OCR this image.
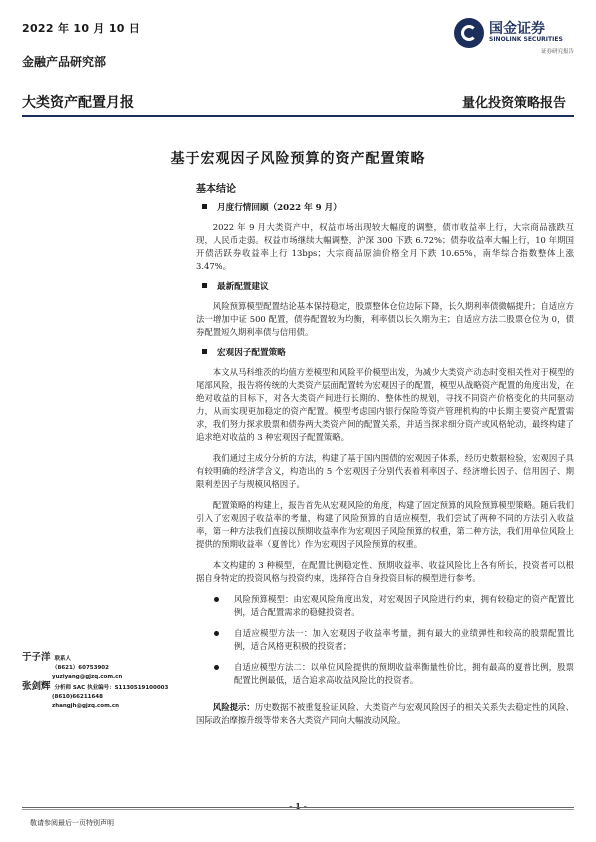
2022 年 10 月 10 日	国金证券
SINOLINK SECURITIES
证券研究报告
金融产品研究部
大类资产配置月报	量化投资策略报告
基于宏观因子风险预算的资产配置策略

基本结论

月度行情回顾（2022 年 9 月）

2022 年 9 月大类资产中，权益市场出现较大幅度的调整，债市收益率上行，大宗商品涨跌互现，人民币走弱。权益市场继续大幅调整，沪深 300 下跌 6.72%；债券收益率大幅上行，10 年期国开债活跃券收益率上行 13bps；大宗商品原油价格全月下跌 10.65%，南华综合指数整体上涨 3.47%。

最新配置建议

风险预算模型配置结论基本保持稳定，股票整体仓位边际下降，长久期利率债微幅提升；自适应方法一增加中证 500 配置，债券配置较为均衡，利率债以长久期为主；自适应方法二股票仓位为 0，债券配置短久期利率债与信用债。

宏观因子配置策略

本文从马科维茨的均值方差模型和风险平价模型出发，为减少大类资产动态时变相关性对于模型的尾部风险，报告将传统的大类资产层面配置转为宏观因子的配置，模型从战略资产配置的角度出发，在绝对收益的目标下，对各大类资产间进行长期的、整体性的规划，寻找不同资产价格变化的共同驱动力，从而实现更加稳定的资产配置。模型考虑国内银行保险等资产管理机构的中长期主要资产配置需求，我们努力探求股票和债券两大类资产间的配置关系，并适当探求细分资产或风格轮动，最终构建了追求绝对收益的 3 种宏观因子配置策略。

我们通过主成分分析的方法，构建了基于国内围债的宏观因子体系，经历史数据检验，宏观因子具有较明确的经济学含义，构造出的 5 个宏观因子分别代表着利率因子、经济增长因子、信用因子、期限利差因子与规模风格因子。

配置策略的构建上，报告首先从宏观风险的角度，构建了固定预算的风险预算模型策略。随后我们引入了宏观因子收益率的考量，构建了风险预算的自适应模型，我们尝试了两种不同的方法引入收益率，第一种方法我们直接以预期收益率作为宏观因子风险预算的权重，第二种方法，我们用单位风险上提供的预期收益率（夏普比）作为宏观因子风险预算的权重。

本文构建的 3 种模型，在配置比例稳定性、预期收益率、收益风险比上各有所长，投资者可以根据自身特定的投资风格与投资约束，选择符合自身投资目标的模型进行参考。

风险预算模型：由宏观风险角度出发，对宏观因子风险进行约束，拥有较稳定的资产配置比例，适合配置需求的稳健投资者。
自适应模型方法一：加入宏观因子收益率考量，拥有最大的业绩弹性和较高的股票配置比例，适合风格更积极的投资者；
自适应模型方法二：以单位风险提供的预期收益率衡量性价比，拥有最高的夏普比例，股票配置比例最低，适合追求高收益风险比的投资者。

风险提示：历史数据不被重复验证风险、大类资产与宏观风险因子的相关关系失去稳定性的风险、国际政治摩擦升级等带来各大类资产同向大幅波动风险。

于子洋 联系人
（8621）60753902
yuziyang@gjzq.com.cn
张剑辉 分析师 SAC 执业编号：S1130519100003
(8610)66211648
zhangjh@gjzq.com.cn
- 1 -
敬请参阅最后一页特别声明
